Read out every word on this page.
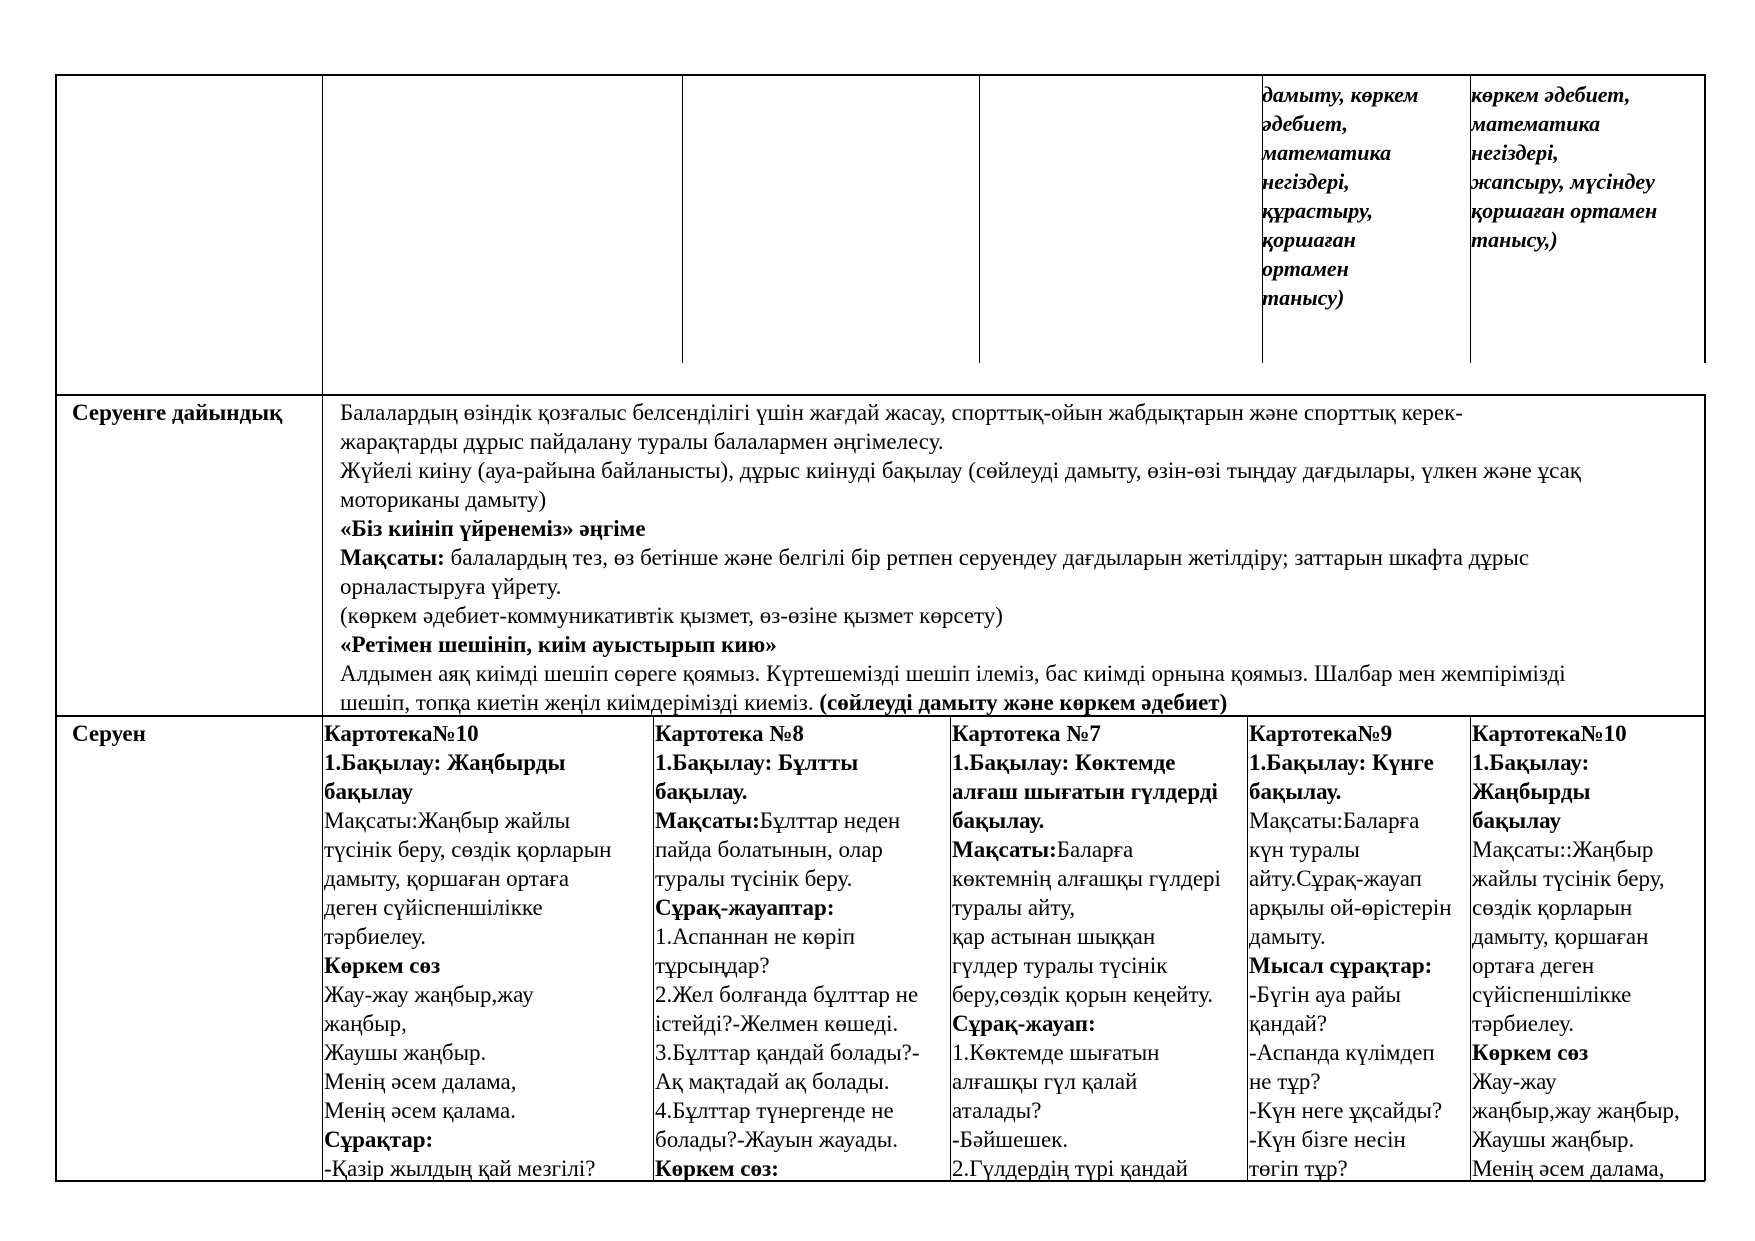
дамыту, көркем
әдебиет,
математика
негіздері,
құрастыру,
қоршаған
ортамен
танысу)
көркем әдебиет,
математика
негіздері,
жапсыру, мүсіндеу
қоршаған ортамен
танысу,)
Серуенге дайындық	Балалардың өзіндік қозғалыс белсенділігі үшін жағдай жасау, спорттық-ойын жабдықтарын және спорттық керек-
жарақтарды дұрыс пайдалану туралы балалармен әңгімелесу.
Жүйелі киіну (ауа-райына байланысты), дұрыс киінуді бақылау (сөйлеуді дамыту, өзін-өзі тыңдау дағдылары, үлкен және ұсақ
моториканы дамыту)
«Біз киініп үйренеміз» әңгіме
Мақсаты: балалардың тез, өз бетінше және белгілі бір ретпен серуендеу дағдыларын жетілдіру; заттарын шкафта дұрыс
орналастыруға үйрету.
(көркем әдебиет-коммуникативтік қызмет, өз-өзіне қызмет көрсету)
«Ретімен шешініп, киім ауыстырып кию»
Алдымен аяқ киімді шешіп сөреге қоямыз. Күртешемізді шешіп ілеміз, бас киімді орнына қоямыз. Шалбар мен жемпірімізді
шешіп, топқа киетін жеңіл киімдерімізді киеміз. (сөйлеуді дамыту және көркем әдебиет)
Серуен	Картотека№10
1.Бақылау: Жаңбырды
бақылау
Мақсаты:Жаңбыр жайлы
түсінік беру, сөздік қорларын
дамыту, қоршаған ортаға
деген сүйіспеншілікке
тәрбиелеу.
Көркем сөз
Жау-жау жаңбыр,жау
жаңбыр,
Жаушы жаңбыр.
Менің әсем далама,
Менің әсем қалама.
Сұрақтар:
-Қазір жылдың қай мезгілі?
Картотека №8
1.Бақылау: Бұлтты
бақылау.
Мақсаты:Бұлттар неден
пайда болатынын, олар
туралы түсінік беру.
Сұрақ-жауаптар:
1.Аспаннан не көріп
тұрсыңдар?
2.Жел болғанда бұлттар не
істейді?-Желмен көшеді.
3.Бұлттар қандай болады?-
Ақ мақтадай ақ болады.
4.Бұлттар түнергенде не
болады?-Жауын жауады.
Көркем сөз:
Картотека №7
1.Бақылау: Көктемде
алғаш шығатын гүлдерді
бақылау.
Мақсаты:Баларға
көктемнің алғашқы гүлдері
туралы айту,
қар астынан шыққан
гүлдер туралы түсінік
беру,сөздік қорын кеңейту.
Сұрақ-жауап:
1.Көктемде шығатын
алғашқы гүл қалай
аталады?
-Бәйшешек.
2.Гүлдердің түрі қандай
Картотека№9
1.Бақылау: Күнге
бақылау.
Мақсаты:Баларға
күн туралы
айту.Сұрақ-жауап
арқылы ой-өрістерін
дамыту.
Мысал сұрақтар:
-Бүгін ауа райы
қандай?
-Аспанда күлімдеп
не тұр?
-Күн неге ұқсайды?
-Күн бізге несін
төгіп тұр?
Картотека№10
1.Бақылау:
Жаңбырды
бақылау
Мақсаты::Жаңбыр
жайлы түсінік беру,
сөздік қорларын
дамыту, қоршаған
ортаға деген
сүйіспеншілікке
тәрбиелеу.
Көркем сөз
Жау-жау
жаңбыр,жау жаңбыр,
Жаушы жаңбыр.
Менің әсем далама,
